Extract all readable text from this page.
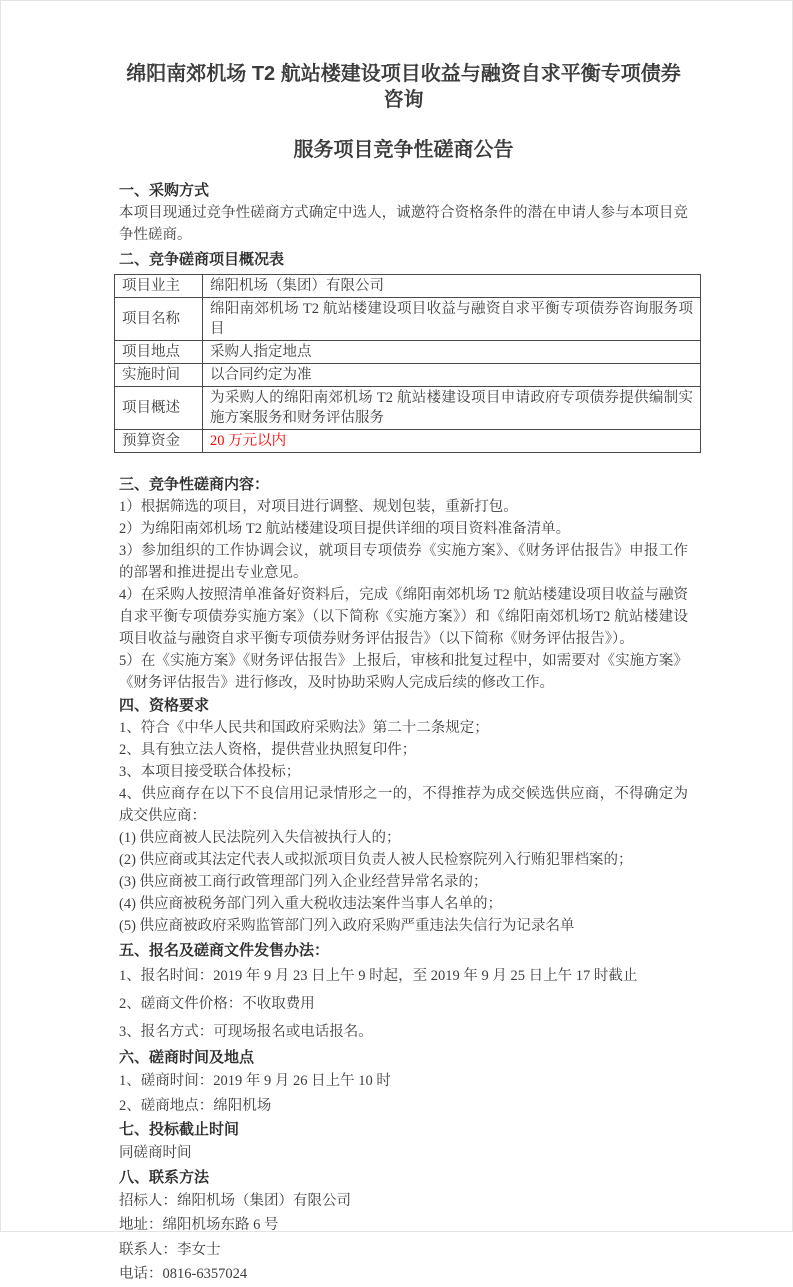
绵阳南郊机场 T2 航站楼建设项目收益与融资自求平衡专项债券咨询
服务项目竞争性磋商公告
一、采购方式

本项目现通过竞争性磋商方式确定中选人，诚邀符合资格条件的潜在申请人参与本项目竞争性磋商。

二、竞争磋商项目概况表
项目业主	绵阳机场（集团）有限公司
项目名称	绵阳南郊机场 T2 航站楼建设项目收益与融资自求平衡专项债券咨询服务项目
项目地点	采购人指定地点
实施时间	以合同约定为准
项目概述	为采购人的绵阳南郊机场 T2 航站楼建设项目申请政府专项债券提供编制实施方案服务和财务评估服务
预算资金	20 万元以内
三、竞争性磋商内容：

1）根据筛选的项目，对项目进行调整、规划包装，重新打包。

2）为绵阳南郊机场 T2 航站楼建设项目提供详细的项目资料准备清单。

3）参加组织的工作协调会议，就项目专项债券《实施方案》、《财务评估报告》申报工作的部署和推进提出专业意见。

4）在采购人按照清单准备好资料后，完成《绵阳南郊机场 T2 航站楼建设项目收益与融资自求平衡专项债券实施方案》（以下简称《实施方案》）和《绵阳南郊机场T2 航站楼建设项目收益与融资自求平衡专项债券财务评估报告》（以下简称《财务评估报告》）。

5）在《实施方案》《财务评估报告》上报后，审核和批复过程中，如需要对《实施方案》《财务评估报告》进行修改，及时协助采购人完成后续的修改工作。

四、资格要求

1、符合《中华人民共和国政府采购法》第二十二条规定；

2、具有独立法人资格，提供营业执照复印件；

3、本项目接受联合体投标；

4、供应商存在以下不良信用记录情形之一的，不得推荐为成交候选供应商，不得确定为成交供应商：

(1) 供应商被人民法院列入失信被执行人的；

(2) 供应商或其法定代表人或拟派项目负责人被人民检察院列入行贿犯罪档案的；

(3) 供应商被工商行政管理部门列入企业经营异常名录的；

(4) 供应商被税务部门列入重大税收违法案件当事人名单的；

(5) 供应商被政府采购监管部门列入政府采购严重违法失信行为记录名单

五、报名及磋商文件发售办法：

1、报名时间：2019 年 9 月 23 日上午 9 时起，至 2019 年 9 月 25 日上午 17 时截止

2、磋商文件价格：不收取费用

3、报名方式：可现场报名或电话报名。

六、磋商时间及地点

1、磋商时间：2019 年 9 月 26 日上午 10 时

2、磋商地点：绵阳机场

七、投标截止时间

同磋商时间

八、联系方法

招标人：绵阳机场（集团）有限公司

地址：绵阳机场东路 6 号

联系人：李女士

电话：0816-6357024
